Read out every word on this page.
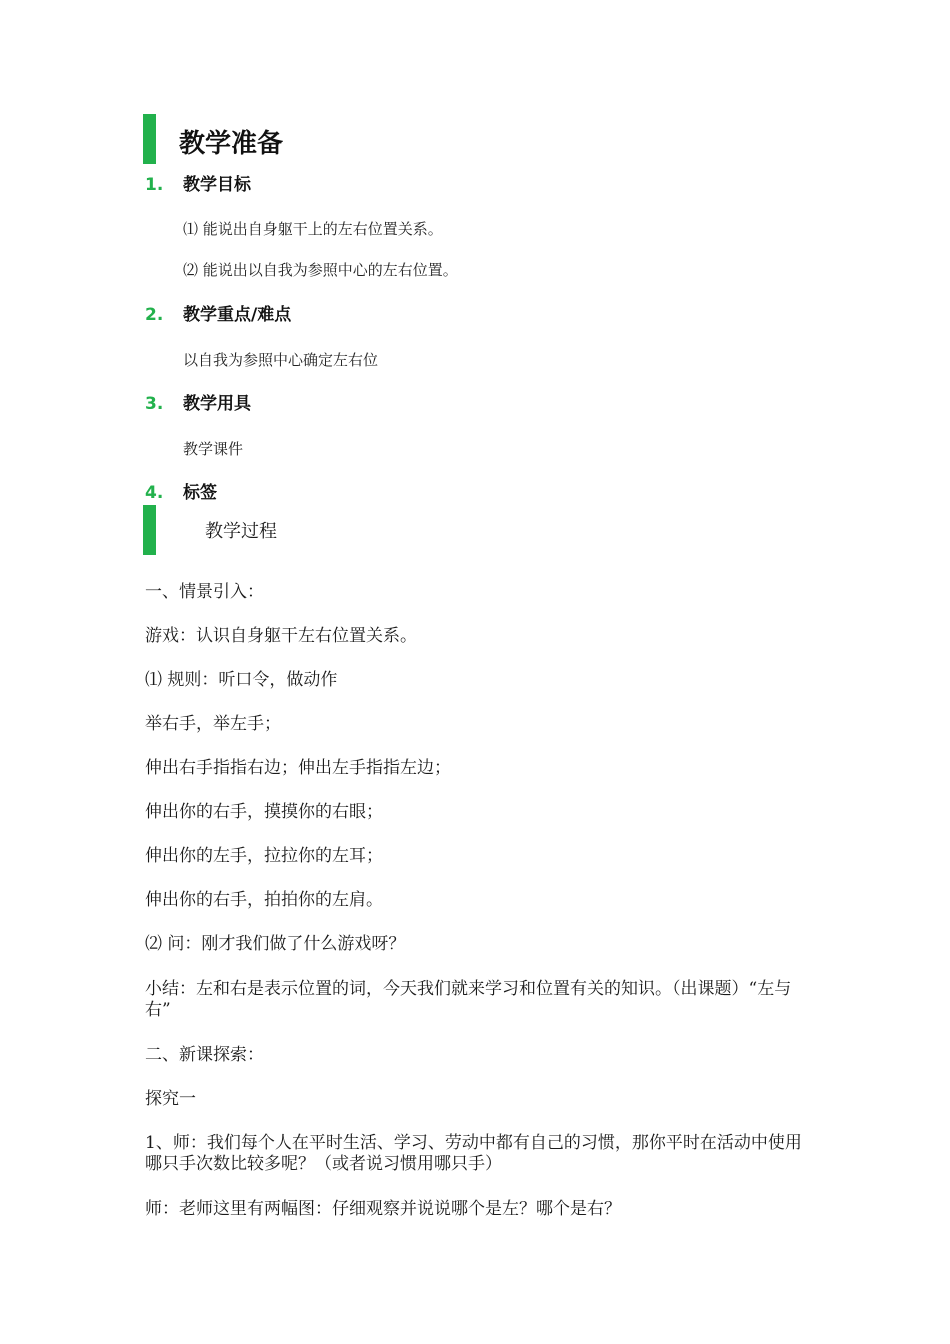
教学准备
1. 教学目标
⑴ 能说出自身躯干上的左右位置关系。
⑵ 能说出以自我为参照中心的左右位置。
2. 教学重点/难点
以自我为参照中心确定左右位
3. 教学用具
教学课件
4. 标签
教学过程
一、情景引入：
游戏：认识自身躯干左右位置关系。
⑴ 规则：听口令，做动作
举右手，举左手；
伸出右手指指右边；伸出左手指指左边；
伸出你的右手，摸摸你的右眼；
伸出你的左手，拉拉你的左耳；
伸出你的右手，拍拍你的左肩。
⑵ 问：刚才我们做了什么游戏呀？
小结：左和右是表示位置的词，今天我们就来学习和位置有关的知识。（出课题）“左与右”
二、新课探索：
探究一
1、师：我们每个人在平时生活、学习、劳动中都有自己的习惯，那你平时在活动中使用哪只手次数比较多呢？（或者说习惯用哪只手）
师：老师这里有两幅图：仔细观察并说说哪个是左？哪个是右？
